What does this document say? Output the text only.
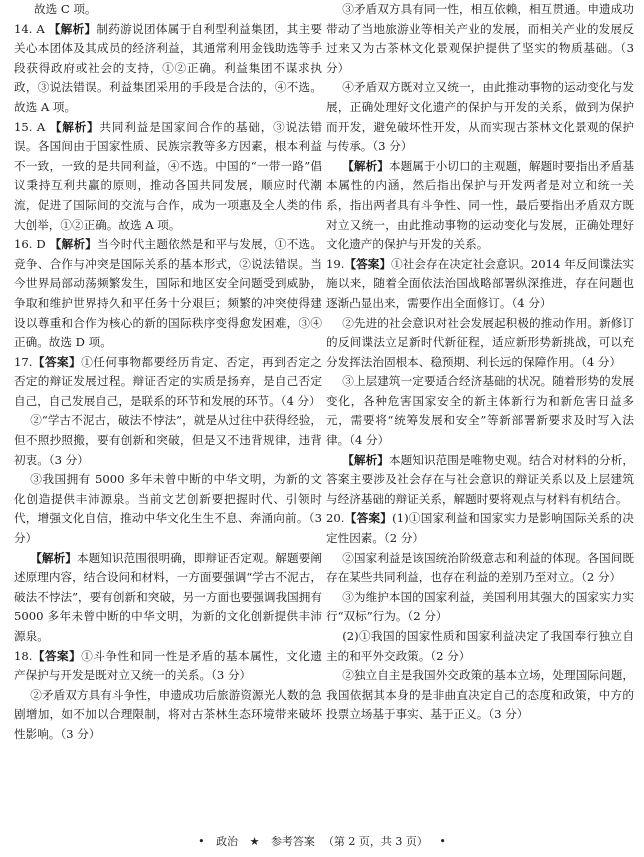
故选 C 项。

14. A 【解析】制药游说团体属于自利型利益集团，其主要关心本团体及其成员的经济利益，其通常利用金钱助选等手段获得政府或社会的支持，①②正确。利益集团不谋求执政，③说法错误。利益集团采用的手段是合法的，④不选。故选 A 项。

15. A 【解析】共同利益是国家间合作的基础，③说法错误。各国间由于国家性质、民族宗教等多方因素，根本利益不一致，一致的是共同利益，④不选。中国的“一带一路”倡议秉持互利共赢的原则，推动各国共同发展，顺应时代潮流，促进了国际间的交流与合作，成为一项惠及全人类的伟大创举，①②正确。故选 A 项。

16. D 【解析】当今时代主题依然是和平与发展，①不选。竞争、合作与冲突是国际关系的基本形式，②说法错误。当今世界局部动荡频繁发生，国际和地区安全问题受到威胁，争取和维护世界持久和平任务十分艰巨；频繁的冲突使得建设以尊重和合作为核心的新的国际秩序变得愈发困难，③④正确。故选 D 项。

17.【答案】①任何事物都要经历肯定、否定，再到否定之否定的辩证发展过程。辩证否定的实质是扬弃，是自己否定自己，自己发展自己，是联系的环节和发展的环节。（4 分）

②“学古不泥古，破法不悖法”，就是从过往中获得经验，但不照抄照搬，要有创新和突破，但是又不违背规律，违背初衷。（3 分）

③我国拥有 5000 多年未曾中断的中华文明，为新的文化创造提供丰沛源泉。当前文艺创新要把握时代、引领时代，增强文化自信，推动中华文化生生不息、奔涌向前。（3 分）

【解析】本题知识范围很明确，即辩证否定观。解题要阐述原理内容，结合设问和材料，一方面要强调“学古不泥古，破法不悖法”，要有创新和突破，另一方面也要强调我国拥有 5000 多年未曾中断的中华文明，为新的文化创新提供丰沛源泉。

18.【答案】①斗争性和同一性是矛盾的基本属性，文化遗产保护与开发是既对立又统一的关系。（3 分）

②矛盾双方具有斗争性，申遗成功后旅游资源光人数的急剧增加，如不加以合理限制，将对古茶林生态环境带来破坏性影响。（3 分）

③矛盾双方具有同一性，相互依赖，相互贯通。申遗成功带动了当地旅游业等相关产业的发展，而相关产业的发展反过来又为古茶林文化景观保护提供了坚实的物质基础。（3 分）

④矛盾双方既对立又统一，由此推动事物的运动变化与发展，正确处理好文化遗产的保护与开发的关系，做到为保护而开发，避免破坏性开发，从而实现古茶林文化景观的保护与传承。（3 分）

【解析】本题属于小切口的主观题，解题时要指出矛盾基本属性的内涵，然后指出保护与开发两者是对立和统一关系，指出两者具有斗争性、同一性，最后要指出矛盾双方既对立又统一，由此推动事物的运动变化与发展，正确处理好文化遗产的保护与开发的关系。

19.【答案】①社会存在决定社会意识。2014 年反间谍法实施以来，随着全面依法治国战略部署纵深推进，存在问题也逐渐凸显出来，需要作出全面修订。（4 分）

②先进的社会意识对社会发展起积极的推动作用。新修订的反间谍法立足新时代新征程，适应新形势新挑战，可以充分发挥法治固根本、稳预期、利长远的保障作用。（4 分）

③上层建筑一定要适合经济基础的状况。随着形势的发展变化，各种危害国家安全的新主体新行为和新危害日益多元，需要将“统筹发展和安全”等新部署新要求及时写入法律。（4 分）

【解析】本题知识范围是唯物史观。结合对材料的分析，答案主要涉及社会存在与社会意识的辩证关系以及上层建筑与经济基础的辩证关系，解题时要将观点与材料有机结合。

20.【答案】(1)①国家利益和国家实力是影响国际关系的决定性因素。（2 分）

②国家利益是该国统治阶级意志和利益的体现。各国间既存在某些共同利益，也存在利益的差别乃至对立。（2 分）

③为维护本国的国家利益，美国利用其强大的国家实力实行“双标”行为。（2 分）

(2)①我国的国家性质和国家利益决定了我国奉行独立自主的和平外交政策。（2 分）

②独立自主是我国外交政策的基本立场，处理国际问题，我国依据其本身的是非曲直决定自己的态度和政策，中方的投票立场基于事实、基于正义。（3 分）

• 政治 ★ 参考答案 （第 2 页，共 3 页） •
